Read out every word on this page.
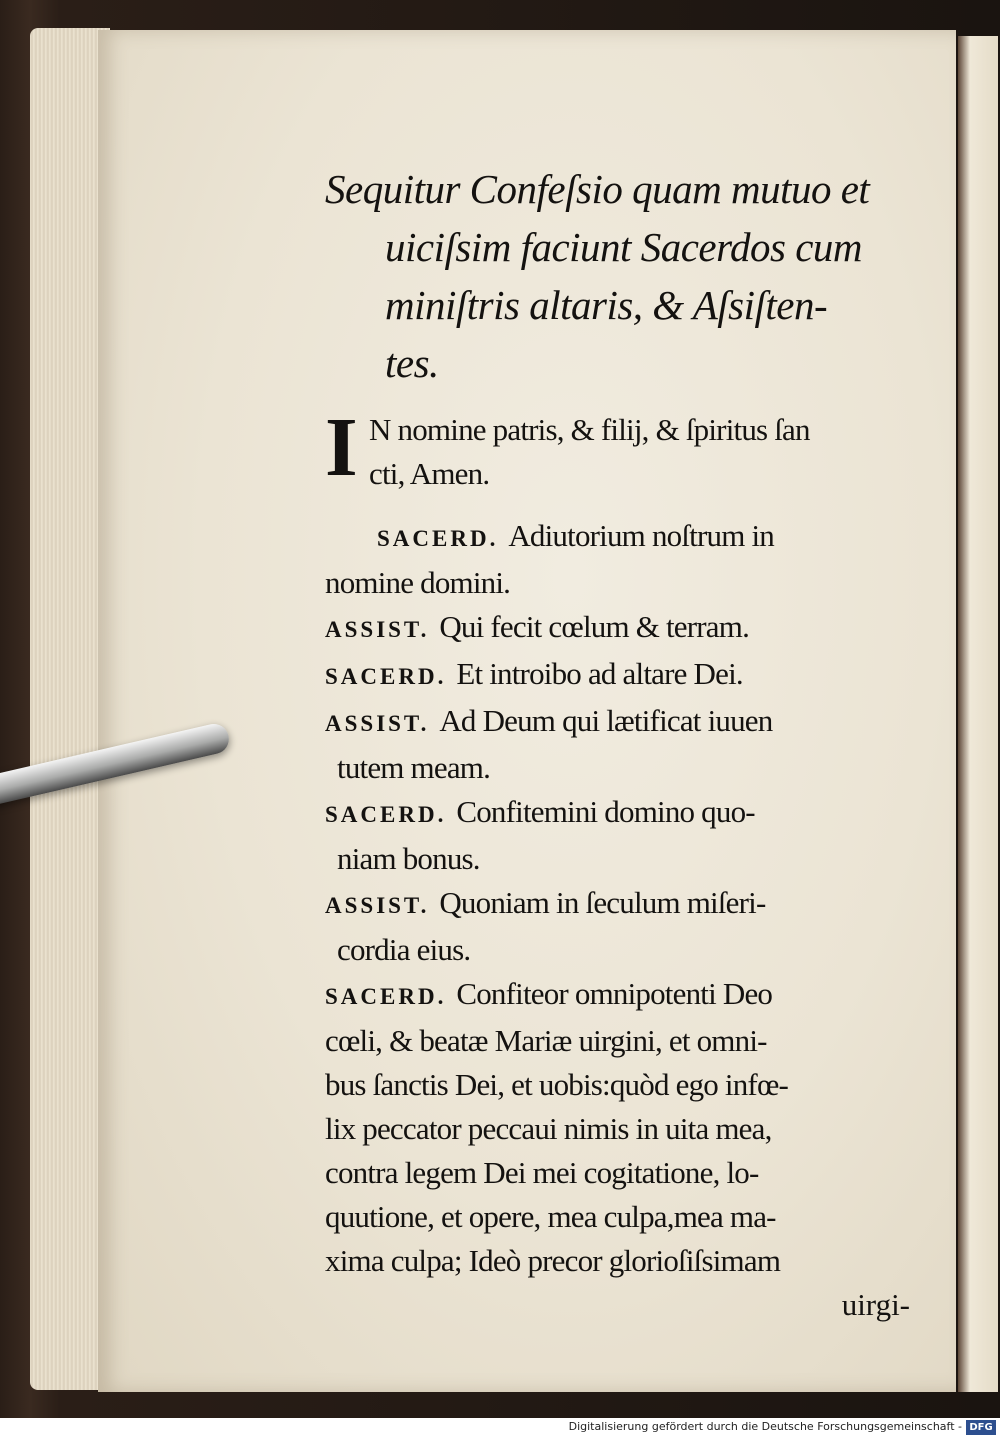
Sequitur Confeſsio quam mutuo et
uiciſsim faciunt Sacerdos cum
miniſtris altaris, & Aſsiſten-
tes.
I N nomine patris, & filij, & ſpiritus ſan
cti, Amen.
SACERD. Adiutorium noſtrum in
nomine domini.
ASSIST. Qui fecit cœlum & terram.
SACERD. Et introibo ad altare Dei.
ASSIST. Ad Deum qui lætificat iuuen
tutem meam.
SACERD. Confitemini domino quo-
niam bonus.
ASSIST. Quoniam in ſeculum miſeri-
cordia eius.
SACERD. Confiteor omnipotenti Deo
cœli, & beatæ Mariæ uirgini, et omni-
bus ſanctis Dei, et uobis:quòd ego infœ-
lix peccator peccaui nimis in uita mea,
contra legem Dei mei cogitatione, lo-
quutione, et opere, mea culpa,mea ma-
xima culpa; Ideò precor glorioſiſsimam
uirgi-
Digitalisierung gefördert durch die Deutsche Forschungsgemeinschaft - DFG
